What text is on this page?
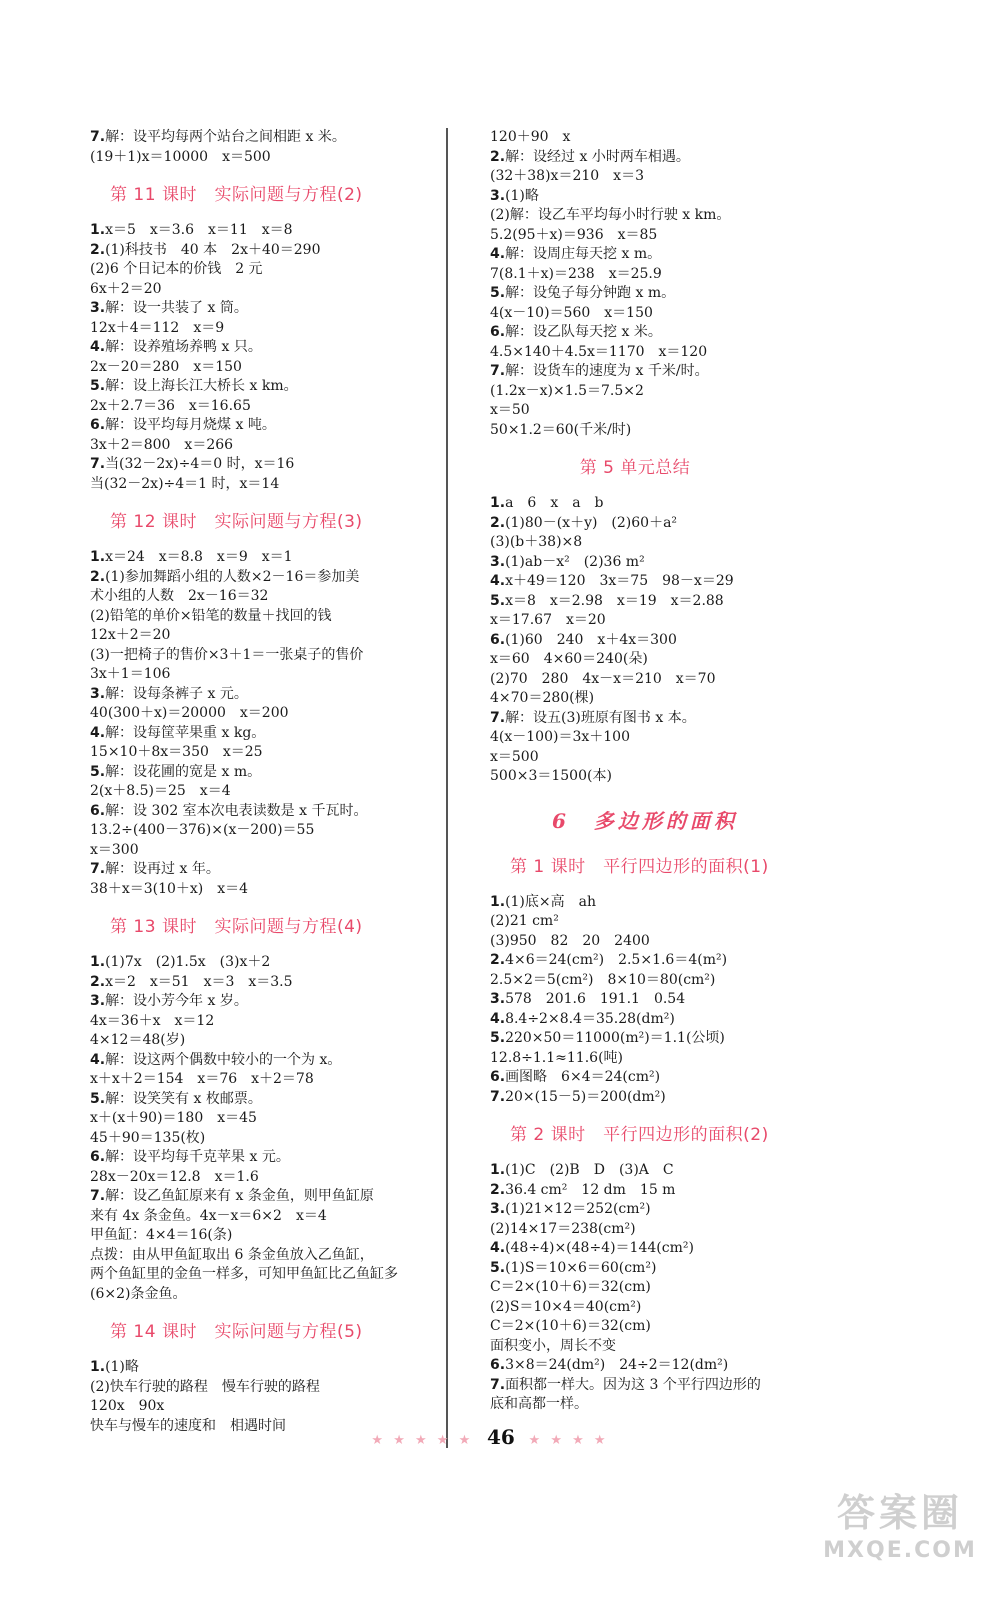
7.解：设平均每两个站台之间相距 x 米。
(19＋1)x＝10000　x＝500
第 11 课时　实际问题与方程(2)
1.x＝5　x＝3.6　x＝11　x＝8
2.(1)科技书　40 本　2x＋40＝290
(2)6 个日记本的价钱　2 元
6x＋2＝20
3.解：设一共装了 x 筒。
12x＋4＝112　x＝9
4.解：设养殖场养鸭 x 只。
2x－20＝280　x＝150
5.解：设上海长江大桥长 x km。
2x＋2.7＝36　x＝16.65
6.解：设平均每月烧煤 x 吨。
3x＋2＝800　x＝266
7.当(32－2x)÷4＝0 时，x＝16
当(32－2x)÷4＝1 时，x＝14
第 12 课时　实际问题与方程(3)
1.x＝24　x＝8.8　x＝9　x＝1
2.(1)参加舞蹈小组的人数×2－16＝参加美
术小组的人数　2x－16＝32
(2)铅笔的单价×铅笔的数量＋找回的钱
12x＋2＝20
(3)一把椅子的售价×3＋1＝一张桌子的售价
3x＋1＝106
3.解：设每条裤子 x 元。
40(300＋x)＝20000　x＝200
4.解：设每筐苹果重 x kg。
15×10＋8x＝350　x＝25
5.解：设花圃的宽是 x m。
2(x＋8.5)＝25　x＝4
6.解：设 302 室本次电表读数是 x 千瓦时。
13.2÷(400－376)×(x－200)＝55
x＝300
7.解：设再过 x 年。
38＋x＝3(10＋x)　x＝4
第 13 课时　实际问题与方程(4)
1.(1)7x　(2)1.5x　(3)x＋2
2.x＝2　x＝51　x＝3　x＝3.5
3.解：设小芳今年 x 岁。
4x＝36＋x　x＝12
4×12＝48(岁)
4.解：设这两个偶数中较小的一个为 x。
x＋x＋2＝154　x＝76　x＋2＝78
5.解：设笑笑有 x 枚邮票。
x＋(x＋90)＝180　x＝45
45＋90＝135(枚)
6.解：设平均每千克苹果 x 元。
28x－20x＝12.8　x＝1.6
7.解：设乙鱼缸原来有 x 条金鱼，则甲鱼缸原
来有 4x 条金鱼。4x－x＝6×2　x＝4
甲鱼缸：4×4＝16(条)
点拨：由从甲鱼缸取出 6 条金鱼放入乙鱼缸，
两个鱼缸里的金鱼一样多，可知甲鱼缸比乙鱼缸多
(6×2)条金鱼。
第 14 课时　实际问题与方程(5)
1.(1)略
(2)快车行驶的路程　慢车行驶的路程
120x　90x
快车与慢车的速度和　相遇时间
120＋90　x
2.解：设经过 x 小时两车相遇。
(32＋38)x＝210　x＝3
3.(1)略
(2)解：设乙车平均每小时行驶 x km。
5.2(95＋x)＝936　x＝85
4.解：设周庄每天挖 x m。
7(8.1＋x)＝238　x＝25.9
5.解：设兔子每分钟跑 x m。
4(x－10)＝560　x＝150
6.解：设乙队每天挖 x 米。
4.5×140＋4.5x＝1170　x＝120
7.解：设货车的速度为 x 千米/时。
(1.2x－x)×1.5＝7.5×2
x＝50
50×1.2＝60(千米/时)
第 5 单元总结
1.a　6　x　a　b
2.(1)80－(x＋y)　(2)60＋a²
(3)(b＋38)×8
3.(1)ab－x²　(2)36 m²
4.x＋49＝120　3x＝75　98－x＝29
5.x＝8　x＝2.98　x＝19　x＝2.88
x＝17.67　x＝20
6.(1)60　240　x＋4x＝300
x＝60　4×60＝240(朵)
(2)70　280　4x－x＝210　x＝70
4×70＝280(棵)
7.解：设五(3)班原有图书 x 本。
4(x－100)＝3x＋100
x＝500
500×3＝1500(本)
6　多边形的面积
第 1 课时　平行四边形的面积(1)
1.(1)底×高　ah
(2)21 cm²
(3)950　82　20　2400
2.4×6＝24(cm²)　2.5×1.6＝4(m²)
2.5×2＝5(cm²)　8×10＝80(cm²)
3.578　201.6　191.1　0.54
4.8.4÷2×8.4＝35.28(dm²)
5.220×50＝11000(m²)＝1.1(公顷)
12.8÷1.1≈11.6(吨)
6.画图略　6×4＝24(cm²)
7.20×(15－5)＝200(dm²)
第 2 课时　平行四边形的面积(2)
1.(1)C　(2)B　D　(3)A　C
2.36.4 cm²　12 dm　15 m
3.(1)21×12＝252(cm²)
(2)14×17＝238(cm²)
4.(48÷4)×(48÷4)＝144(cm²)
5.(1)S＝10×6＝60(cm²)
C＝2×(10＋6)＝32(cm)
(2)S＝10×4＝40(cm²)
C＝2×(10＋6)＝32(cm)
面积变小，周长不变
6.3×8＝24(dm²)　24÷2＝12(dm²)
7.面积都一样大。因为这 3 个平行四边形的
底和高都一样。
★ ★ ★ ★ ★ 46 ★ ★ ★ ★
答案圈
MXQE.COM
